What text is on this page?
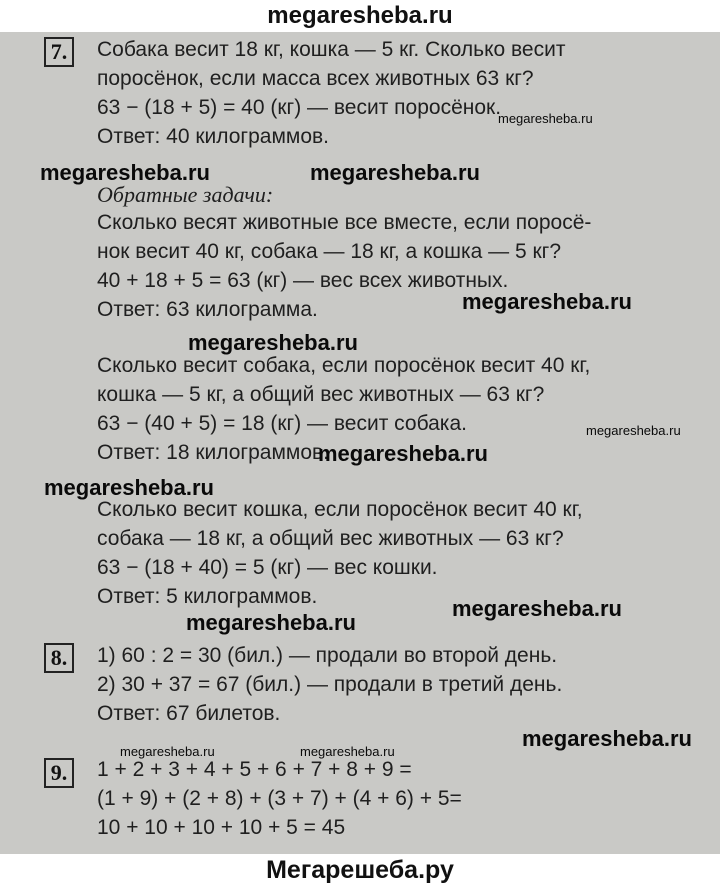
megaresheba.ru
7.	Собака весит 18 кг, кошка — 5 кг. Сколько весит
поросёнок, если масса всех животных 63 кг?
63 − (18 + 5) = 40 (кг) — весит поросёнок.
Ответ: 40 килограммов.
Обратные задачи:
Сколько весят животные все вместе, если поросё-
нок весит 40 кг, собака — 18 кг, а кошка — 5 кг?
40 + 18 + 5 = 63 (кг) — вес всех животных.
Ответ: 63 килограмма.
Сколько весит собака, если поросёнок весит 40 кг,
кошка — 5 кг, а общий вес животных — 63 кг?
63 − (40 + 5) = 18 (кг) — весит собака.
Ответ: 18 килограммов.
Сколько весит кошка, если поросёнок весит 40 кг,
собака — 18 кг, а общий вес животных — 63 кг?
63 − (18 + 40) = 5 (кг) — вес кошки.
Ответ: 5 килограммов.
8.	1) 60 : 2 = 30 (бил.) — продали во второй день.
2) 30 + 37 = 67 (бил.) — продали в третий день.
Ответ: 67 билетов.
9.	1 + 2 + 3 + 4 + 5 + 6 + 7 + 8 + 9 =
(1 + 9) + (2 + 8) + (3 + 7) + (4 + 6) + 5=
10 + 10 + 10 + 10 + 5 = 45
megaresheba.ru	megaresheba.ru
megaresheba.ru
megaresheba.ru
megaresheba.ru
megaresheba.ru
megaresheba.ru
megaresheba.ru
megaresheba.ru
megaresheba.ru
megaresheba.ru
megaresheba.ru	megaresheba.ru
Мегарешеба.ру
